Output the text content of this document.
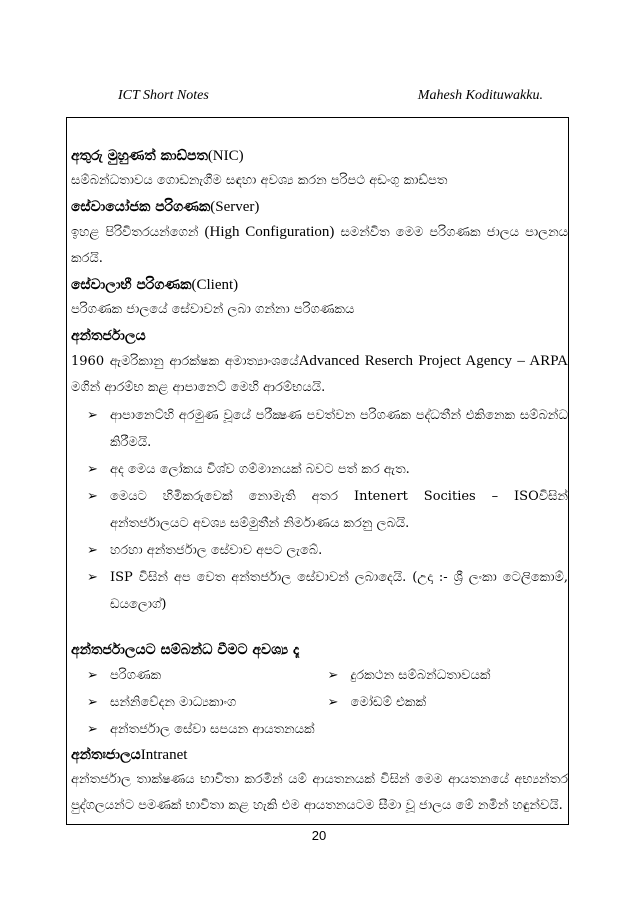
ICT Short Notes	Mahesh Kodituwakku.
අතුරු මුහුණත් කාඩ්පත(NIC)
සම්බන්ධතාවය ගොඩනැගීම සඳහා අවශ්‍ය කරන පරිපථ අඩංගු කාඩ්පත
සේවායෝජක පරිගණක(Server)
ඉහළ පිරිවිතරයන්ගෙන් (High Configuration) සමන්විත මෙම පරිගණක ජාලය පාලනය කරයි.
සේවාලාභී පරිගණක(Client)
පරිගණක ජාලයේ සේවාවන් ලබා ගන්නා පරිගණකය
අන්තර්ජාලය
1960 ඇමරිකානු ආරක්ෂක අමාත්‍යාංශයේAdvanced Reserch Project Agency – ARPA මගින් ආරම්භ කළ ආපානෙට් මෙහි ආරම්භයයි.
➢ ආපානෙට්හි අරමුණ වූයේ පරීක්‍ෂණ පවත්වන පරිගණක පද්ධතීන් එකිනෙක සම්බන්ධ කිරීමයි.
➢ අද මෙය ලෝකය විශ්ව ගම්මානයක් බවට පත් කර ඇත.
➢ මෙයට හිමිකරුවෙක් නොමැති අතර Intenert Socities – ISOවිසින් අන්තර්ජාලයට අවශ්‍ය සම්මුතීන් නිර්මාණය කරනු ලබයි.
➢ හරහා අන්තර්ජාල සේවාව අපට ලැබේ.
➢ ISP විසින් අප වෙත අන්තර්ජාල සේවාවන් ලබාදෙයි. (උදා :- ශ්‍රී ලංකා ටෙලිකොම්, ඩයලොග්)
අන්තර්ජාලයට සම්බන්ධ වීමට අවශ්‍ය දෑ
➢ පරිගණක	➢ දුරකථන සම්බන්ධතාවයක්
➢ සන්නිවේදන මාධ්‍යකාංග	➢ මෝඩම් එකක්
➢ අන්තර්ජාල සේවා සපයන ආයතනයක්
අන්තඃජාලයIntranet
අන්තර්ජාල තාක්ෂණය භාවිතා කරමින් යම් ආයතනයක් විසින් මෙම ආයතනයේ අභ්‍යන්තර පුද්ගලයන්ට පමණක් භාවිතා කළ හැකි එම ආයතනයටම සීමා වූ ජාලය මේ නමින් හඳුන්වයි.
20
